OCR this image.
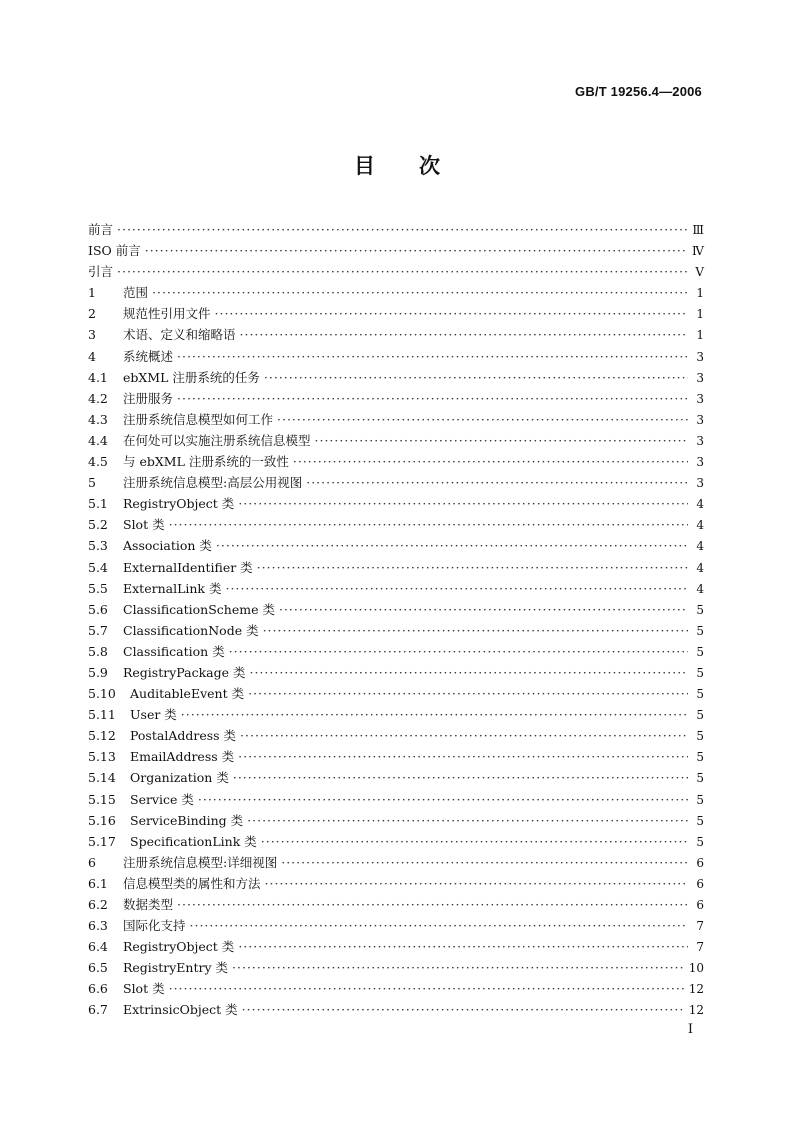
GB/T 19256.4—2006
目 次
前言 ·····	Ⅲ
ISO 前言 ·····	Ⅳ
引言 ·····	Ⅴ
1	范围 ·····	1
2	规范性引用文件 ·····	1
3	术语、定义和缩略语 ·····	1
4	系统概述 ·····	3
4.1	ebXML 注册系统的任务 ·····	3
4.2	注册服务 ·····	3
4.3	注册系统信息模型如何工作 ·····	3
4.4	在何处可以实施注册系统信息模型 ·····	3
4.5	与 ebXML 注册系统的一致性 ·····	3
5	注册系统信息模型:高层公用视图 ·····	3
5.1	RegistryObject 类 ·····	4
5.2	Slot 类 ·····	4
5.3	Association 类 ·····	4
5.4	ExternalIdentifier 类 ·····	4
5.5	ExternalLink 类 ·····	4
5.6	ClassificationScheme 类 ·····	5
5.7	ClassificationNode 类 ·····	5
5.8	Classification 类 ·····	5
5.9	RegistryPackage 类 ·····	5
5.10	AuditableEvent 类 ·····	5
5.11	User 类 ·····	5
5.12	PostalAddress 类 ·····	5
5.13	EmailAddress 类 ·····	5
5.14	Organization 类 ·····	5
5.15	Service 类 ·····	5
5.16	ServiceBinding 类 ·····	5
5.17	SpecificationLink 类 ·····	5
6	注册系统信息模型:详细视图 ·····	6
6.1	信息模型类的属性和方法 ·····	6
6.2	数据类型 ·····	6
6.3	国际化支持 ·····	7
6.4	RegistryObject 类 ·····	7
6.5	RegistryEntry 类 ·····	10
6.6	Slot 类 ·····	12
6.7	ExtrinsicObject 类 ·····	12
I
